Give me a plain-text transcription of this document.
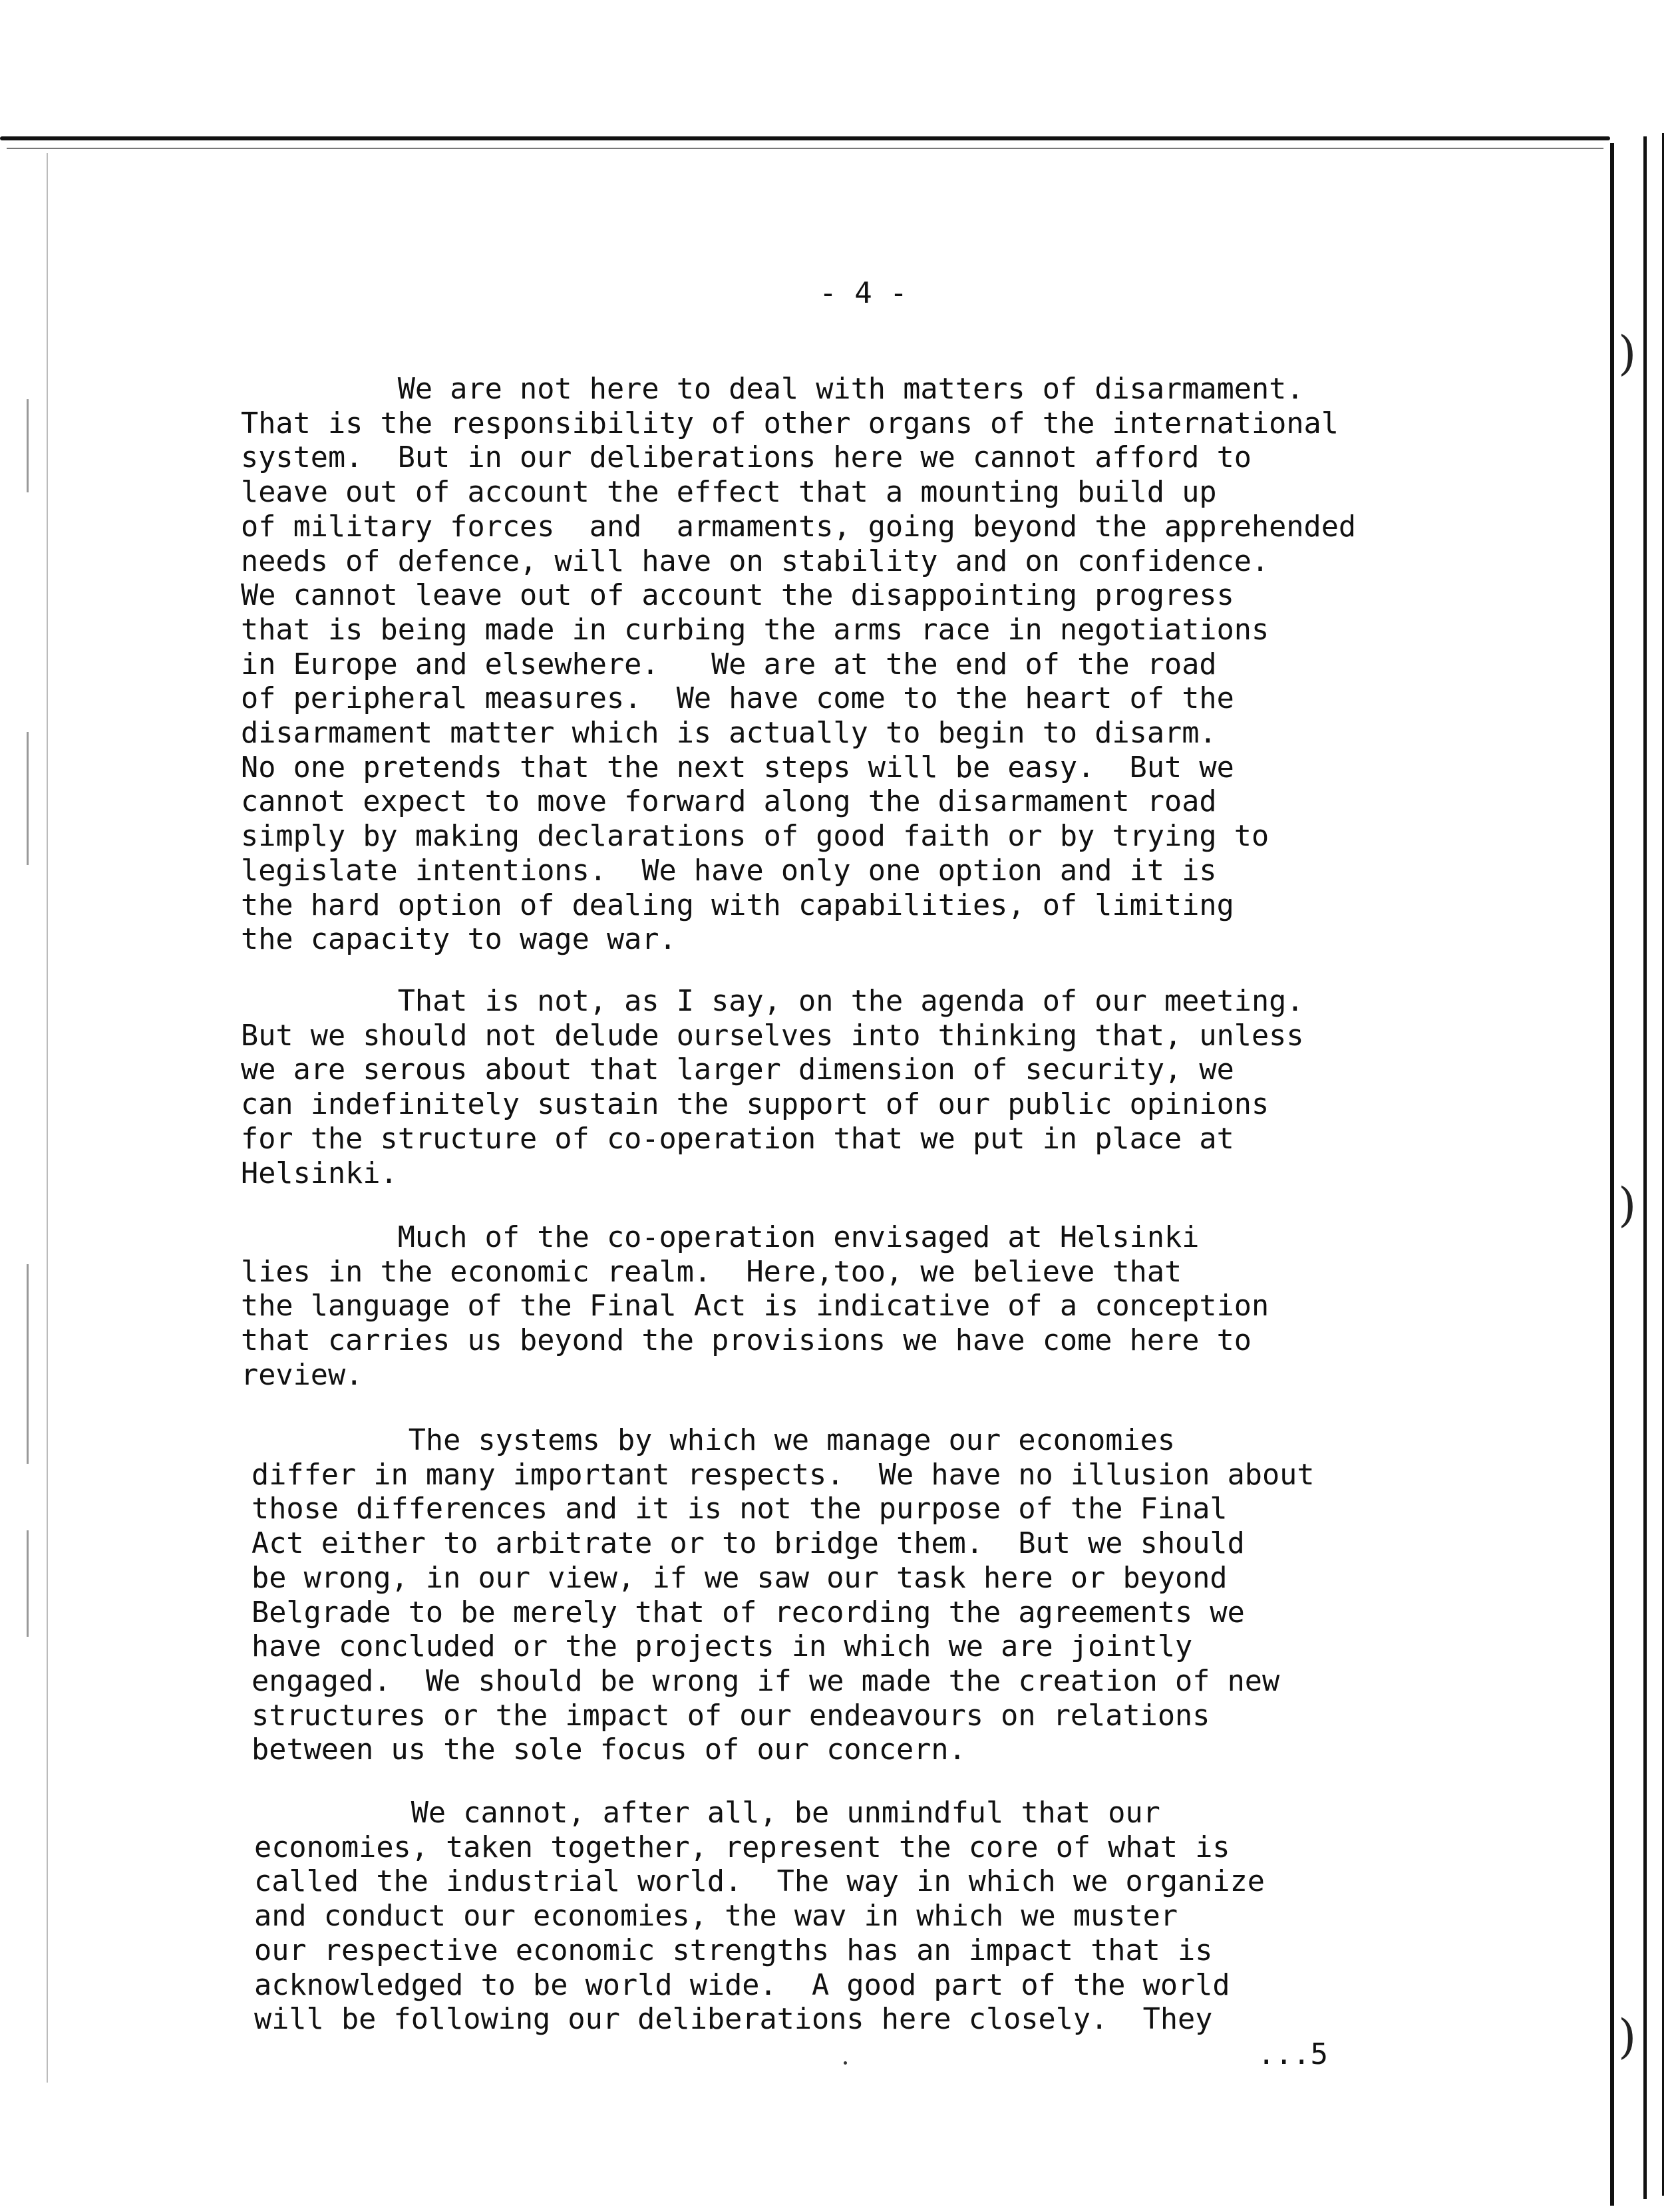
)
)
)
- 4 -
We are not here to deal with matters of disarmament.
That is the responsibility of other organs of the international
system.  But in our deliberations here we cannot afford to
leave out of account the effect that a mounting build up
of military forces  and  armaments, going beyond the apprehended
needs of defence, will have on stability and on confidence.
We cannot leave out of account the disappointing progress
that is being made in curbing the arms race in negotiations
in Europe and elsewhere.   We are at the end of the road
of peripheral measures.  We have come to the heart of the
disarmament matter which is actually to begin to disarm.
No one pretends that the next steps will be easy.  But we
cannot expect to move forward along the disarmament road
simply by making declarations of good faith or by trying to
legislate intentions.  We have only one option and it is
the hard option of dealing with capabilities, of limiting
the capacity to wage war.
That is not, as I say, on the agenda of our meeting.
But we should not delude ourselves into thinking that, unless
we are serous about that larger dimension of security, we
can indefinitely sustain the support of our public opinions
for the structure of co-operation that we put in place at
Helsinki.
Much of the co-operation envisaged at Helsinki
lies in the economic realm.  Here,too, we believe that
the language of the Final Act is indicative of a conception
that carries us beyond the provisions we have come here to
review.
The systems by which we manage our economies
differ in many important respects.  We have no illusion about
those differences and it is not the purpose of the Final
Act either to arbitrate or to bridge them.  But we should
be wrong, in our view, if we saw our task here or beyond
Belgrade to be merely that of recording the agreements we
have concluded or the projects in which we are jointly
engaged.  We should be wrong if we made the creation of new
structures or the impact of our endeavours on relations
between us the sole focus of our concern.
We cannot, after all, be unmindful that our
economies, taken together, represent the core of what is
called the industrial world.  The way in which we organize
and conduct our economies, the wav in which we muster
our respective economic strengths has an impact that is
acknowledged to be world wide.  A good part of the world
will be following our deliberations here closely.  They
...5
